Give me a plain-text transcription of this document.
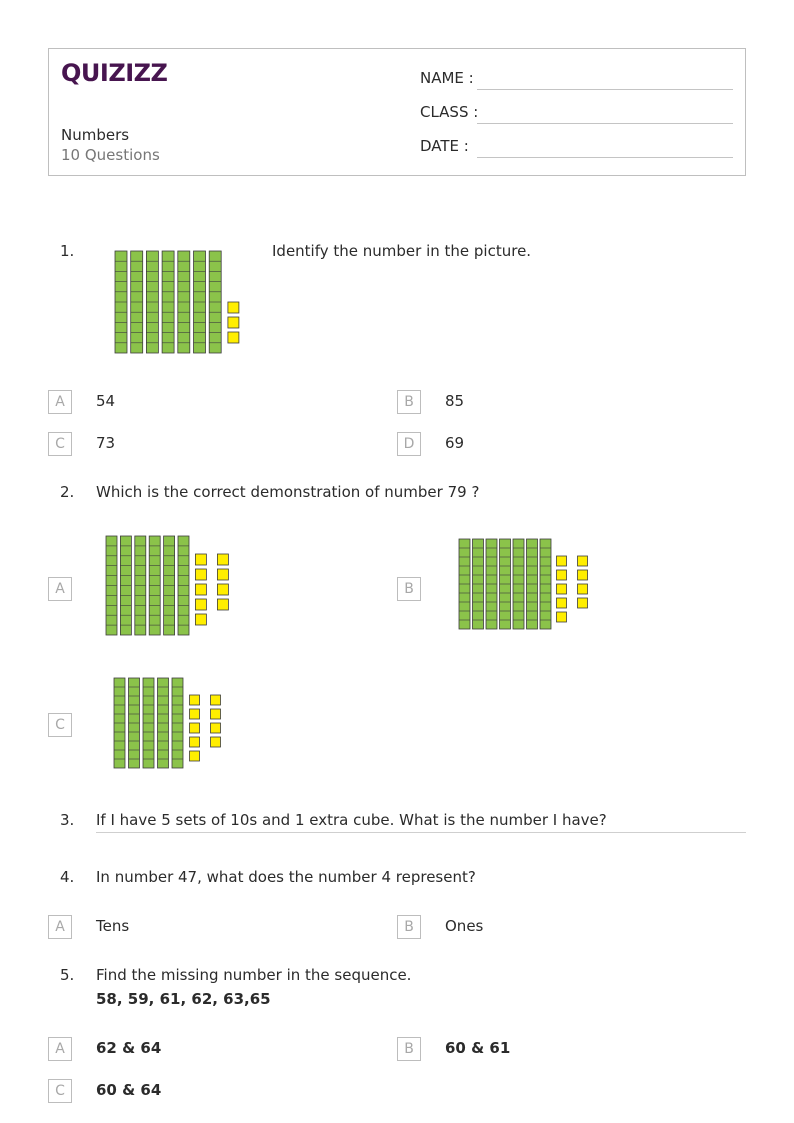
QUIZIZZ
Numbers
10 Questions
NAME :
CLASS :
DATE :
1.	Identify the number in the picture.
A	54	B	85
C	73	D	69
2. Which is the correct demonstration of number 79 ?
A	B
C
3. If I have 5 sets of 10s and 1 extra cube. What is the number I have?
4. In number 47, what does the number 4 represent?
A	Tens	B	Ones
5. Find the missing number in the sequence.
58, 59, 61, 62, 63,65
A	62 & 64	B	60 & 61
C	60 & 64
